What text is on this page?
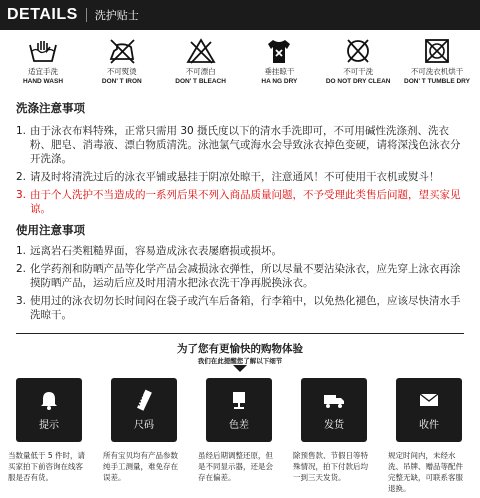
DETAILS 洗护贴士
适宜手洗
HAND WASH
不可熨烫
DON' T IRON
不可漂白
DON' T BLEACH
垂挂晾干
HA NG DRY
不可干洗
DO NOT DRY CLEAN
不可洗衣机烘干
DON' T TUMBLE DRY
洗涤注意事项
1. 由于泳衣布料特殊，正常只需用 30 摄氏度以下的清水手洗即可，不可用碱性洗涤剂、洗衣粉、肥皂、消毒液、漂白物质清洗。泳池氯气或海水会导致泳衣掉色变硬，请将深浅色泳衣分开洗涤。
2. 请及时将清洗过后的泳衣平铺或悬挂于阴凉处晾干，注意通风！不可使用干衣机或熨斗！
3. 由于个人洗护不当造成的一系列后果不列入商品质量问题，不予受理此类售后问题，望买家见谅。
使用注意事项
1. 远离岩石类粗糙界面，容易造成泳衣表屡磨损或损坏。
2. 化学药剂和防晒产品等化学产品会减损泳衣弹性，所以尽量不要沾染泳衣，应先穿上泳衣再涂摸防晒产品，运动后应及时用清水把泳衣洗干净再脱换泳衣。
3. 使用过的泳衣切勿长时间闷在袋子或汽车后备箱，行李箱中，以免热化褪色，应该尽快清水手洗晾干。
为了您有更愉快的购物体验
我们在此提醒您了解以下细节
提示
当数量低于 5 件时，请买家拍下前咨询在线客服是否有货。
尺码
所有宝贝均有产品参数纯手工测量，难免存在误差。
色差
虽经后期调整还原，但是不同显示器，还是会存在偏差。
发货
除预售款、节假日等特殊情况，拍下付款后均一到三天发货。
收件
规定时间内，未经水洗、吊牌、赠品等配件完整无缺，可联系客服退换。
